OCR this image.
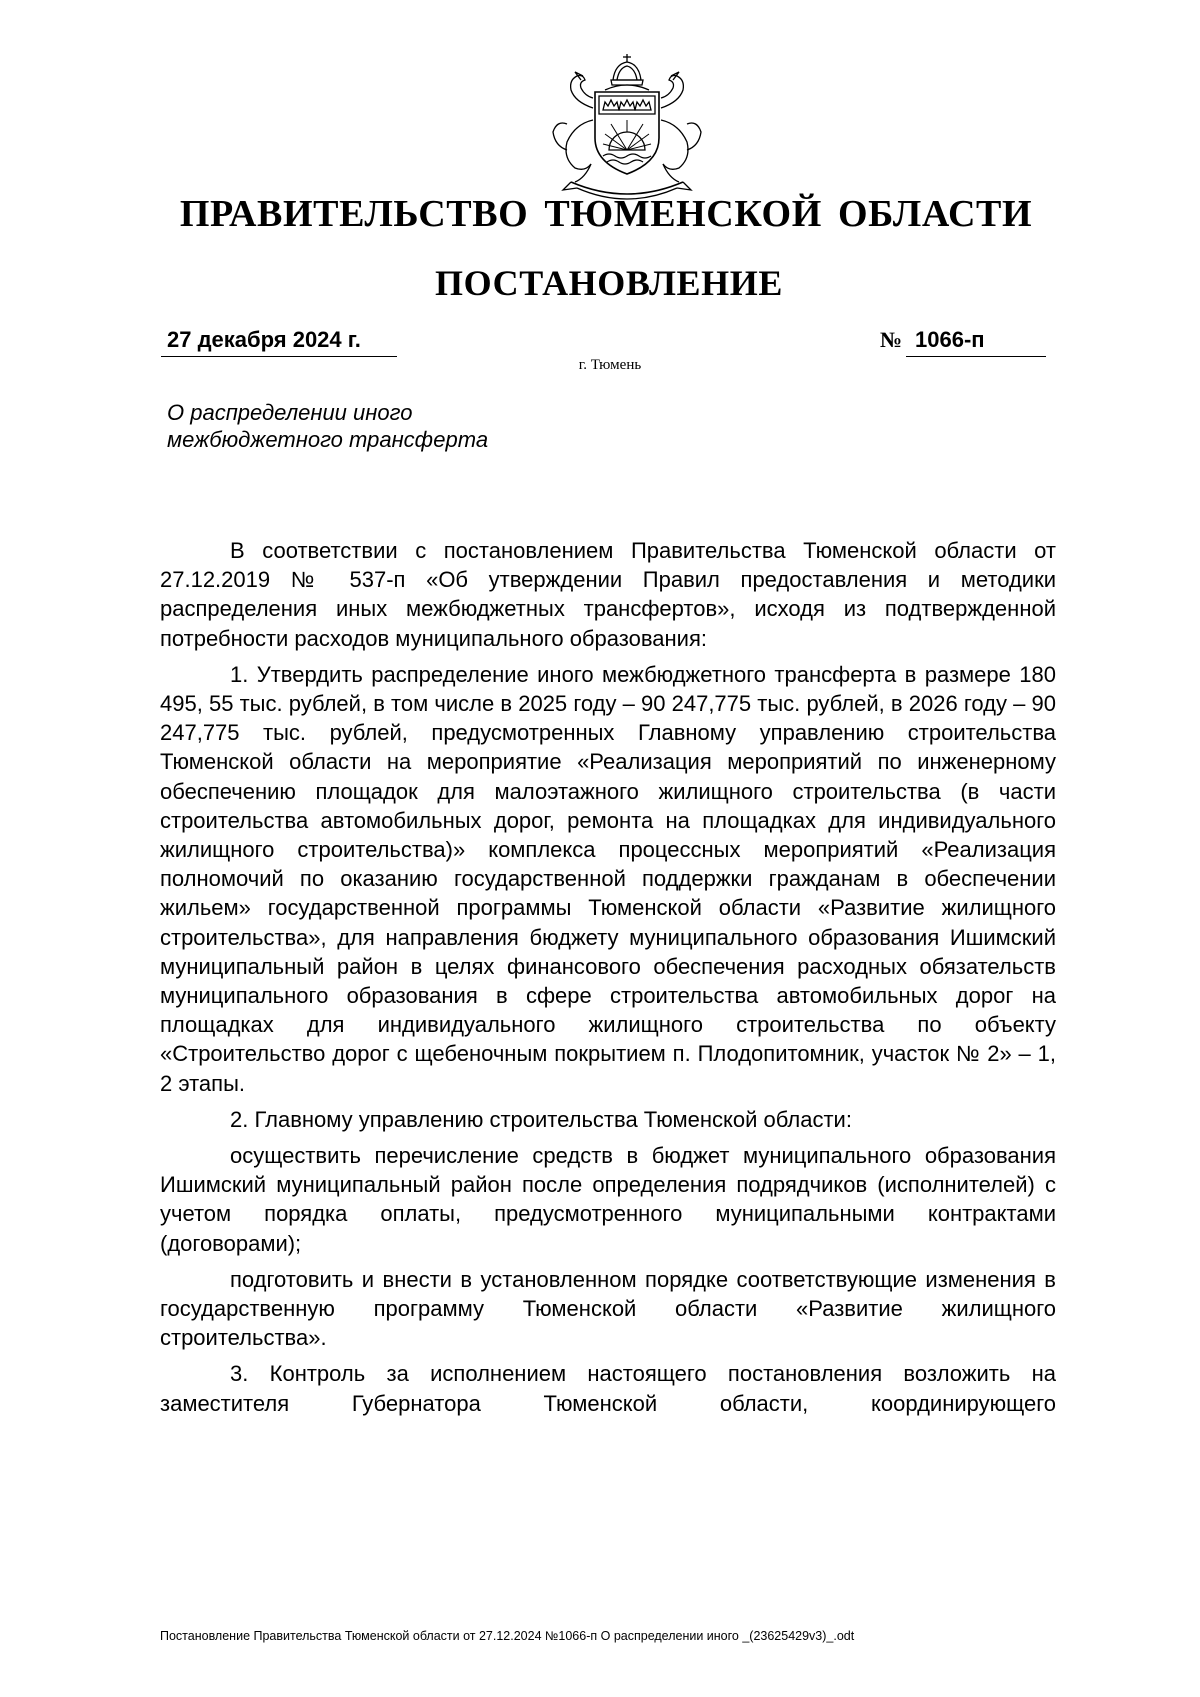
ПРАВИТЕЛЬСТВО ТЮМЕНСКОЙ ОБЛАСТИ
ПОСТАНОВЛЕНИЕ
27 декабря 2024 г.	№ 1066-п
г. Тюмень
О распределении иного
межбюджетного трансферта

В соответствии с постановлением Правительства Тюменской области от 27.12.2019 № 537-п «Об утверждении Правил предоставления и методики распределения иных межбюджетных трансфертов», исходя из подтвержденной потребности расходов муниципального образования:

1. Утвердить распределение иного межбюджетного трансферта в размере 180 495, 55 тыс. рублей, в том числе в 2025 году – 90 247,775 тыс. рублей, в 2026 году – 90 247,775 тыс. рублей, предусмотренных Главному управлению строительства Тюменской области на мероприятие «Реализация мероприятий по инженерному обеспечению площадок для малоэтажного жилищного строительства (в части строительства автомобильных дорог, ремонта на площадках для индивидуального жилищного строительства)» комплекса процессных мероприятий «Реализация полномочий по оказанию государственной поддержки гражданам в обеспечении жильем» государственной программы Тюменской области «Развитие жилищного строительства», для направления бюджету муниципального образования Ишимский муниципальный район в целях финансового обеспечения расходных обязательств муниципального образования в сфере строительства автомобильных дорог на площадках для индивидуального жилищного строительства по объекту «Строительство дорог с щебеночным покрытием п. Плодопитомник, участок № 2» – 1, 2 этапы.

2. Главному управлению строительства Тюменской области:

осуществить перечисление средств в бюджет муниципального образования Ишимский муниципальный район после определения подрядчиков (исполнителей) с учетом порядка оплаты, предусмотренного муниципальными контрактами (договорами);

подготовить и внести в установленном порядке соответствующие изменения в государственную программу Тюменской области «Развитие жилищного строительства».

3. Контроль за исполнением настоящего постановления возложить на заместителя Губернатора Тюменской области, координирующего

Постановление Правительства Тюменской области от 27.12.2024 №1066-п О распределении иного _(23625429v3)_.odt
